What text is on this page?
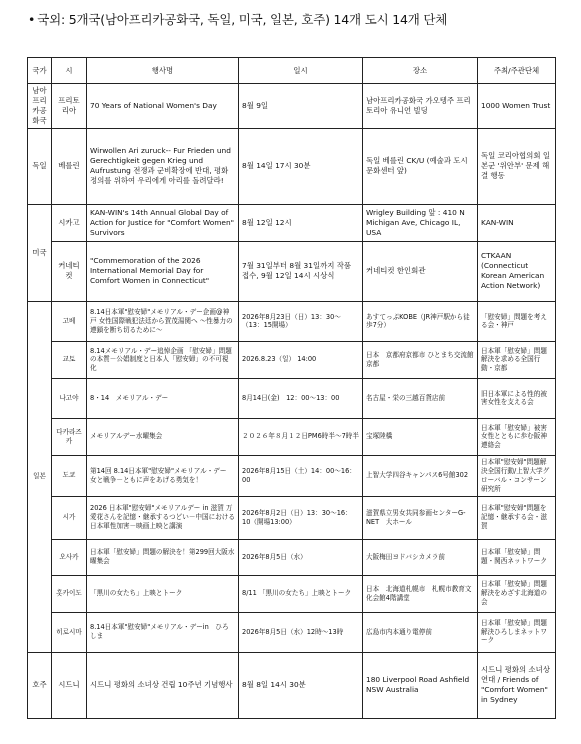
• 국외: 5개국(남아프리카공화국, 독일, 미국, 일본, 호주) 14개 도시 14개 단체
국가	시	행사명	일시	장소	주최/주관단체
남아프리카공화국	프리토리아	70 Years of National Women's Day	8월 9일	남아프리카공화국 가오텡주 프리토리아 유니언 빌딩	1000 Women Trust
독일	베를린	Wirwollen Ari zuruck-- Fur Frieden und Gerechtigkeit gegen Krieg und Aufrustung 전쟁과 군비확장에 반대, 평화정의를 위하여 우리에게 아리를 돌려달라!	8월 14일 17시 30분	독일 베를린 CK/U (예술과 도시문화센터 앞)	독일 코리아협의회 일본군 '위안부' 문제 해결 행동
미국	시카고	KAN-WIN's 14th Annual Global Day of Action for Justice for "Comfort Women" Survivors	8월 12일 12시	Wrigley Building 앞 : 410 N Michigan Ave, Chicago IL, USA	KAN-WIN
	커네티컷	"Commemoration of the 2026 International Memorial Day for Comfort Women in Connecticut"	7월 31일부터 8월 31일까지 작품 접수, 9월 12일 14시 시상식	커네티컷 한인회관	CTKAAN (Connecticut Korean American Action Network)
일본	고베	8.14日本軍"慰安婦"メモリアル・デー企画@神戸 女性国際戦犯法廷から賀茂湯関へ ～性暴力の連鎖を断ち切るために～	2026年8月23日（日）13：30～（13：15開場）	あすてっぷKOBE（JR神戸駅から徒歩7分）	「慰安婦」問題を考える会・神戸
	교토	8.14メモリアル・デー追悼企画 「慰安婦」問題の本質－公娼制度と日本人「慰安婦」の不可視化	2026.8.23（일） 14:00	日本　京都府京都市 ひとまち交流館京都	日本軍「慰安婦」問題解決を求める全国行動・京都
	나고야	8・14　メモリアル・デー	8月14日(金)　12：00～13：00	名古屋・栄の三越百貨店前	旧日本軍による性的被害女性を支える会
	다카라즈카	メモリアルデー水曜集会	２０２６年８月１２日PM6時半～7時半	宝塚陸橋	日本軍「慰安婦」被害女性とともに歩む阪神連絡会
	도쿄	第14回 8.14日本軍"慰安婦"メモリアル・デー 女と戦争－ともに声をあげる勇気を！	2026年8月15日（土）14：00～16：00	上智大学四谷キャンパス6号館302	日本軍"慰安婦"問題解決全国行動/上智大学グローバル・コンサーン研究所
	시가	2026 日本軍"慰安婦"メモリアルデー in 滋賀 万愛花さんを記憶・継承するつどい－中国における日本軍性加害－映画上映と講演	2026年8月2日（日）13：30～16：10（開場13:00）	滋賀県立男女共同参画センターG-NET　大ホール	日本軍"慰安婦"問題を記憶・継承する会・滋賀
	오사카	日本軍「慰安婦」問題の解決を！第299回大阪水曜集会	2026年8月5日（水）	大阪梅田ヨドバシカメラ前	日本軍「慰安婦」問題・関西ネットワーク
	홋카이도	「黒川の女たち」上映とトーク	8/11 「黒川の女たち」上映とトーク	日本　北海道札幌市　札幌市教育文化会館4階講堂	日本軍「慰安婦」問題解決をめざす北海道の会
	히로시마	8.14日本軍"慰安婦"メモリアル・デーin　ひろしま	2026年8月5日（水）12時～13時	広島市内本通り電停前	日本軍「慰安婦」問題解決ひろしまネットワーク
호주	시드니	시드니 평화의 소녀상 건립 10주년 기념행사	8월 8일 14시 30분	180 Liverpool Road Ashfield NSW Australia	시드니 평화의 소녀상 연대 / Friends of "Comfort Women" in Sydney
